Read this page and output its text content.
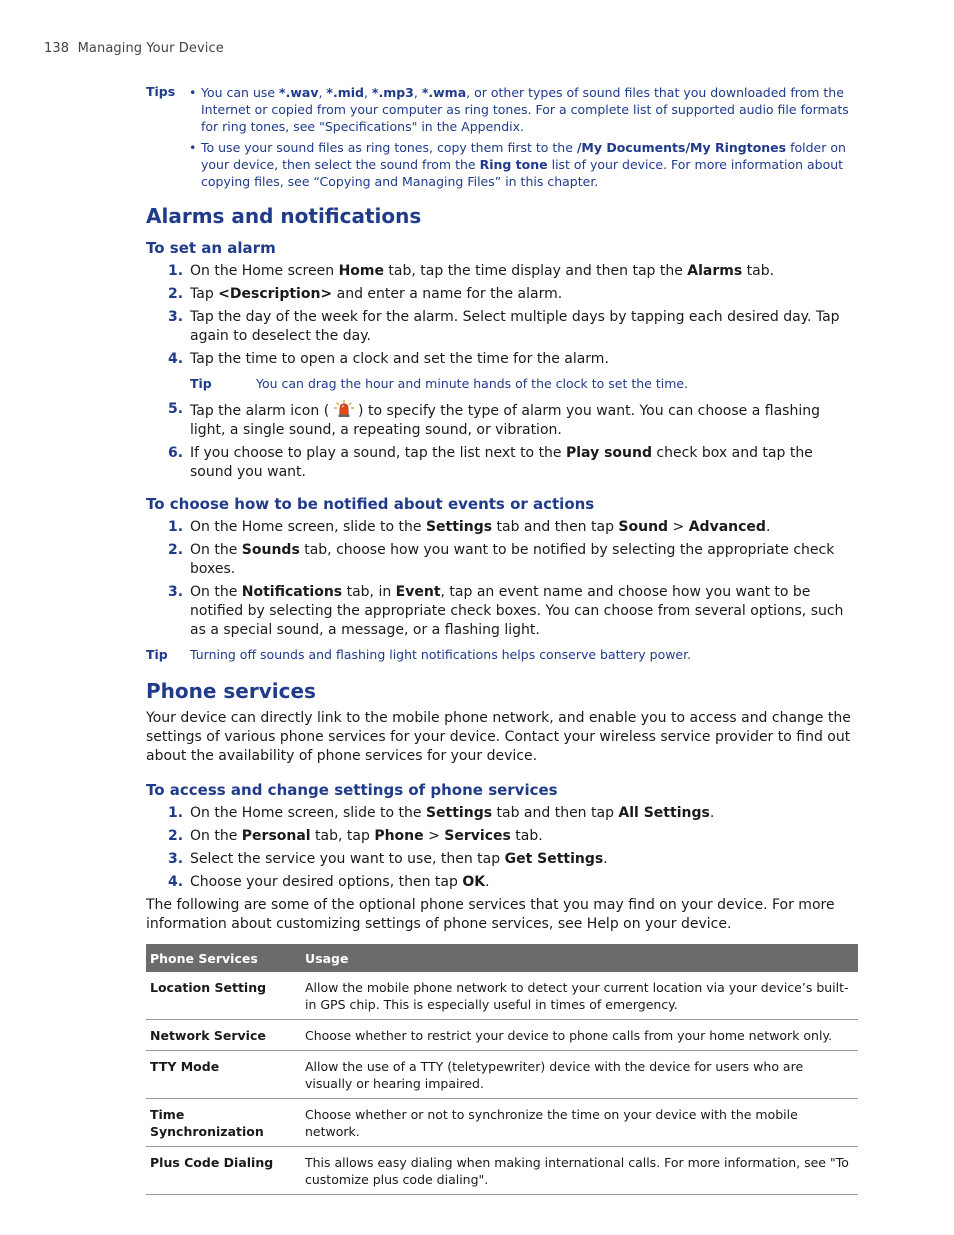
138 Managing Your Device
Tips	• You can use *.wav, *.mid, *.mp3, *.wma, or other types of sound files that you downloaded from the Internet or copied from your computer as ring tones. For a complete list of supported audio file formats for ring tones, see "Specifications" in the Appendix.
• To use your sound files as ring tones, copy them first to the /My Documents/My Ringtones folder on your device, then select the sound from the Ring tone list of your device. For more information about copying files, see “Copying and Managing Files” in this chapter.
Alarms and notifications
To set an alarm
1. On the Home screen Home tab, tap the time display and then tap the Alarms tab.
2. Tap <Description> and enter a name for the alarm.
3. Tap the day of the week for the alarm. Select multiple days by tapping each desired day. Tap again to deselect the day.
4. Tap the time to open a clock and set the time for the alarm.
Tip	You can drag the hour and minute hands of the clock to set the time.
5. Tap the alarm icon (  ) to specify the type of alarm you want. You can choose a flashing light, a single sound, a repeating sound, or vibration.
6. If you choose to play a sound, tap the list next to the Play sound check box and tap the sound you want.
To choose how to be notified about events or actions
1. On the Home screen, slide to the Settings tab and then tap Sound > Advanced.
2. On the Sounds tab, choose how you want to be notified by selecting the appropriate check boxes.
3. On the Notifications tab, in Event, tap an event name and choose how you want to be notified by selecting the appropriate check boxes. You can choose from several options, such as a special sound, a message, or a flashing light.
Tip	Turning off sounds and flashing light notifications helps conserve battery power.
Phone services

Your device can directly link to the mobile phone network, and enable you to access and change the settings of various phone services for your device. Contact your wireless service provider to find out about the availability of phone services for your device.

To access and change settings of phone services
1. On the Home screen, slide to the Settings tab and then tap All Settings.
2. On the Personal tab, tap Phone > Services tab.
3. Select the service you want to use, then tap Get Settings.
4. Choose your desired options, then tap OK.

The following are some of the optional phone services that you may find on your device. For more information about customizing settings of phone services, see Help on your device.

Phone Services	Usage
Location Setting	Allow the mobile phone network to detect your current location via your device’s built-in GPS chip. This is especially useful in times of emergency.
Network Service	Choose whether to restrict your device to phone calls from your home network only.
TTY Mode	Allow the use of a TTY (teletypewriter) device with the device for users who are visually or hearing impaired.
Time Synchronization	Choose whether or not to synchronize the time on your device with the mobile network.
Plus Code Dialing	This allows easy dialing when making international calls. For more information, see "To customize plus code dialing".
